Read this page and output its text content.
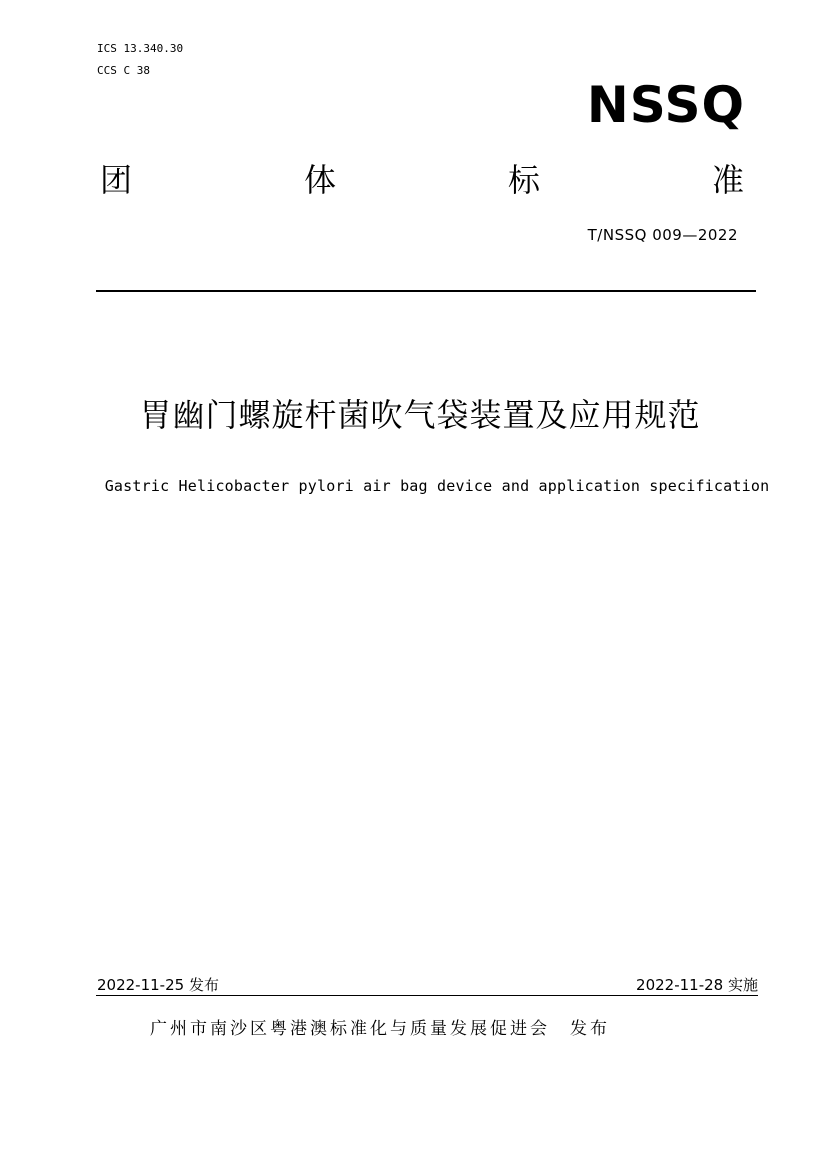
ICS 13.340.30
CCS C 38
NSSQ
团	体	标	准
T/NSSQ 009—2022
胃幽门螺旋杆菌吹气袋装置及应用规范
Gastric Helicobacter pylori air bag device and application specification
2022-11-25 发布	2022-11-28 实施
广州市南沙区粤港澳标准化与质量发展促进会　发布
